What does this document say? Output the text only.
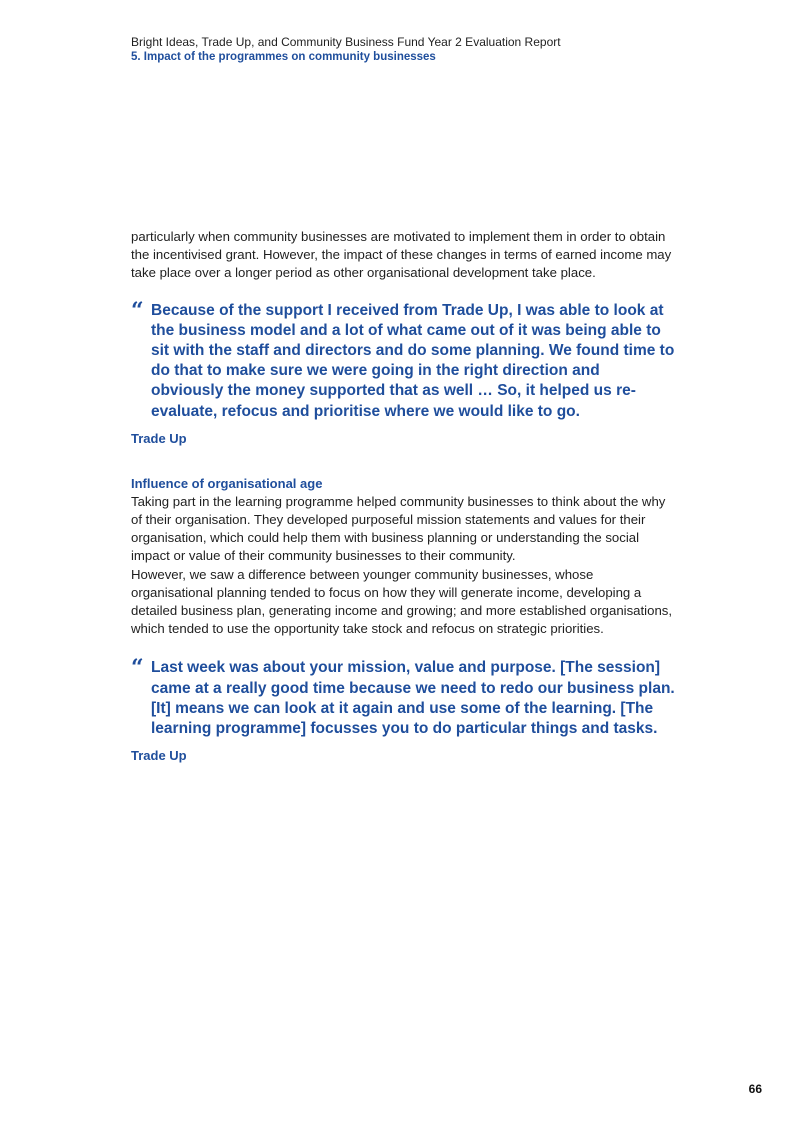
Bright Ideas, Trade Up, and Community Business Fund Year 2 Evaluation Report
5. Impact of the programmes on community businesses

particularly when community businesses are motivated to implement them in order to obtain the incentivised grant. However, the impact of these changes in terms of earned income may take place over a longer period as other organisational development take place.

“ Because of the support I received from Trade Up, I was able to look at the business model and a lot of what came out of it was being able to sit with the staff and directors and do some planning. We found time to do that to make sure we were going in the right direction and obviously the money supported that as well … So, it helped us re-evaluate, refocus and prioritise where we would like to go.

Trade Up
Influence of organisational age

Taking part in the learning programme helped community businesses to think about the why of their organisation. They developed purposeful mission statements and values for their organisation, which could help them with business planning or understanding the social impact or value of their community businesses to their community.

However, we saw a difference between younger community businesses, whose organisational planning tended to focus on how they will generate income, developing a detailed business plan, generating income and growing; and more established organisations, which tended to use the opportunity take stock and refocus on strategic priorities.

“ Last week was about your mission, value and purpose. [The session] came at a really good time because we need to redo our business plan. [It] means we can look at it again and use some of the learning. [The learning programme] focusses you to do particular things and tasks.

Trade Up
66
